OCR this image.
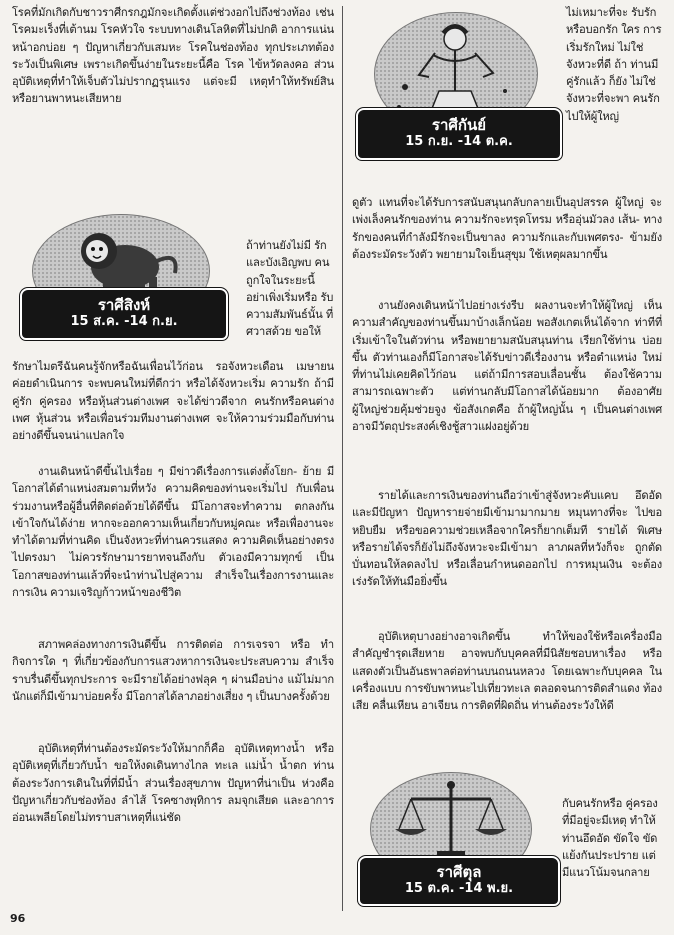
โรคที่มักเกิดกับชาวราศีกรกฎมักจะเกิดตั้งแต่ช่วงอกไปถึงช่วงท้อง เช่น โรคมะเร็งที่เต้านม โรคหัวใจ ระบบทางเดินโลหิตที่ไม่ปกติ อาการแน่นหน้าอกบ่อย ๆ ปัญหาเกี่ยวกับเสมหะ โรคในช่องท้อง ทุกประเภทต้องระวังเป็นพิเศษ เพราะเกิดขึ้นง่ายในระยะนี้คือ โรค ไข้หวัดลงคอ ส่วนอุบัติเหตุที่ทำให้เจ็บตัวไม่ปรากฏรุนแรง แต่จะมี เหตุทำให้ทรัพย์สินหรือยานพาหนะเสียหาย

ราศีสิงห์
15 ส.ค. -14 ก.ย.

ถ้าท่านยังไม่มี รัก และบังเอิญพบ คนถูกใจในระยะนี้ อย่าเพิ่งเริ่มหรือ รับความสัมพันธ์นั้น ที่ศวาสด้วย ขอให้

รักษาไมตรีฉันคนรู้จักหรือฉันเพื่อนไว้ก่อน รอจังหวะเดือน เมษายนค่อยดำเนินการ จะพบคนใหม่ที่ดีกว่า หรือได้จังหวะเริ่ม ความรัก ถ้ามีคู่รัก คู่ครอง หรือหุ้นส่วนต่างเพศ จะได้ข่าวดีจาก คนรักหรือคนต่างเพศ หุ้นส่วน หรือเพื่อนร่วมทีมงานต่างเพศ จะให้ความร่วมมือกับท่านอย่างดีขึ้นจนน่าแปลกใจ

งานเดินหน้าดีขึ้นไปเรื่อย ๆ มีข่าวดีเรื่องการแต่งตั้งโยก- ย้าย มีโอกาสได้ตำแหน่งสมตามที่หวัง ความคิดของท่านจะเริ่มไป กับเพื่อนร่วมงานหรือผู้อื่นที่ติดต่อด้วยได้ดีขึ้น มีโอกาสจะทำความ ตกลงกันเข้าใจกันได้ง่าย หากจะออกความเห็นเกี่ยวกับหมู่คณะ หรือเพื่องานจะทำได้ตามที่ท่านคิด เป็นจังหวะที่ท่านควรแสดง ความคิดเห็นอย่างตรงไปตรงมา ไม่ควรรักษามารยาทจนถึงกับ ตัวเองมีความทุกข์ เป็นโอกาสของท่านแล้วที่จะนำท่านไปสู่ความ สำเร็จในเรื่องการงานและการเงิน ความเจริญก้าวหน้าของชีวิต

สภาพคล่องทางการเงินดีขึ้น การติดต่อ การเจรจา หรือ ทำกิจการใด ๆ ที่เกี่ยวข้องกับการแสวงหาการเงินจะประสบความ สำเร็จราบรื่นดีขึ้นทุกประการ จะมีรายได้อย่างฟลุค ๆ ผ่านมือบ่าง แม้ไม่มากนักแต่ก็มีเข้ามาบ่อยครั้ง มีโอกาสได้ลาภอย่างเสี่ยง ๆ เป็นบางครั้งด้วย

อุบัติเหตุที่ท่านต้องระมัดระวังให้มากก็คือ อุบัติเหตุทางน้ำ หรืออุบัติเหตุที่เกี่ยวกับน้ำ ขอให้งดเดินทางไกล ทะเล แม่น้ำ น้ำตก ท่านต้องระวังการเดินในที่ที่มีน้ำ ส่วนเรื่องสุขภาพ ปัญหาที่น่าเป็น ห่วงคือ ปัญหาเกี่ยวกับช่องท้อง ลำไส้ โรคซางพุทิการ ลมจุกเสียด และอาการอ่อนเพลียโดยไม่ทราบสาเหตุที่แน่ชัด

ราศีกันย์
15 ก.ย. -14 ต.ค.

ไม่เหมาะที่จะ รับรัก หรือบอกรัก ใคร การเริ่มรักใหม่ ไม่ใช่จังหวะที่ดี ถ้า ท่านมีคู่รักแล้ว ก็ยัง ไม่ใช่จังหวะที่จะพา คนรักไปให้ผู้ใหญ่

ดูตัว แทนที่จะได้รับการสนับสนุนกลับกลายเป็นอุปสรรค ผู้ใหญ่ จะเพ่งเล็งคนรักของท่าน ความรักจะทรุดโทรม หรืออุ่นมัวลง เส้น- ทางรักของคนที่กำลังมีรักจะเป็นขาลง ความรักและกับเพศตรง- ข้ามยังต้องระมัดระวังตัว พยายามใจเย็นสุขุม ใช้เหตุผลมากขึ้น

งานยังคงเดินหน้าไปอย่างเร่งรีบ ผลงานจะทำให้ผู้ใหญ่ เห็นความสำคัญของท่านขึ้นมาบ้างเล็กน้อย พอสังเกตเห็นได้จาก ท่าทีที่เริ่มเข้าใจในตัวท่าน หรือพยายามสนับสนุนท่าน เรียกใช้ท่าน บ่อยขึ้น ตัวท่านเองก็มีโอกาสจะได้รับข่าวดีเรื่องงาน หรือตำแหน่ง ใหม่ที่ท่านไม่เคยคิดไว้ก่อน แต่ถ้ามีการสอบเลื่อนชั้น ต้องใช้ความ สามารถเฉพาะตัว แต่ท่านกลับมีโอกาสได้น้อยมาก ต้องอาศัย ผู้ใหญ่ช่วยคุ้มช่วยจูง ข้อสังเกตคือ ถ้าผู้ใหญ่นั้น ๆ เป็นคนต่างเพศ อาจมีวัตถุประสงค์เชิงชู้สาวแฝงอยู่ด้วย

รายได้และการเงินของท่านถือว่าเข้าสู่จังหวะคับแคบ อึดอัดและมีปัญหา ปัญหารายจ่ายมีเข้ามามากมาย หมุนทางที่จะ ไปขอหยิบยืม หรือขอความช่วยเหลือจากใครก็ยากเต็มที รายได้ พิเศษหรือรายได้จรก็ยังไม่ถึงจังหวะจะมีเข้ามา ลาภผลที่หวังก็จะ ถูกตัดบั่นทอนให้ลดลงไป หรือเลื่อนกำหนดออกไป การหมุนเงิน จะต้องเร่งรัดให้ทันมือยิ่งขึ้น

อุบัติเหตุบางอย่างอาจเกิดขึ้น ทำให้ของใช้หรือเครื่องมือ สำคัญชำรุดเสียหาย อาจพบกับบุคคลที่มีนิสัยชอบหาเรื่อง หรือ แสดงตัวเป็นอันธพาลต่อท่านบนถนนหลวง โดยเฉพาะกับบุคคล ในเครื่องแบบ การขับพาหนะไปเที่ยวทะเล ตลอดจนการติดสำแดง ท้องเสีย คลื่นเหียน อาเจียน การติดที่ผิดถิ่น ท่านต้องระวังให้ดี

ราศีตุล
15 ต.ค. -14 พ.ย.

กับคนรักหรือ คู่ครองที่มีอยู่จะมีเหตุ ทำให้ท่านอึดอัด ขัดใจ ขัดแย้งกันประปราย แต่มีแนวโน้มจนกลาย

96
